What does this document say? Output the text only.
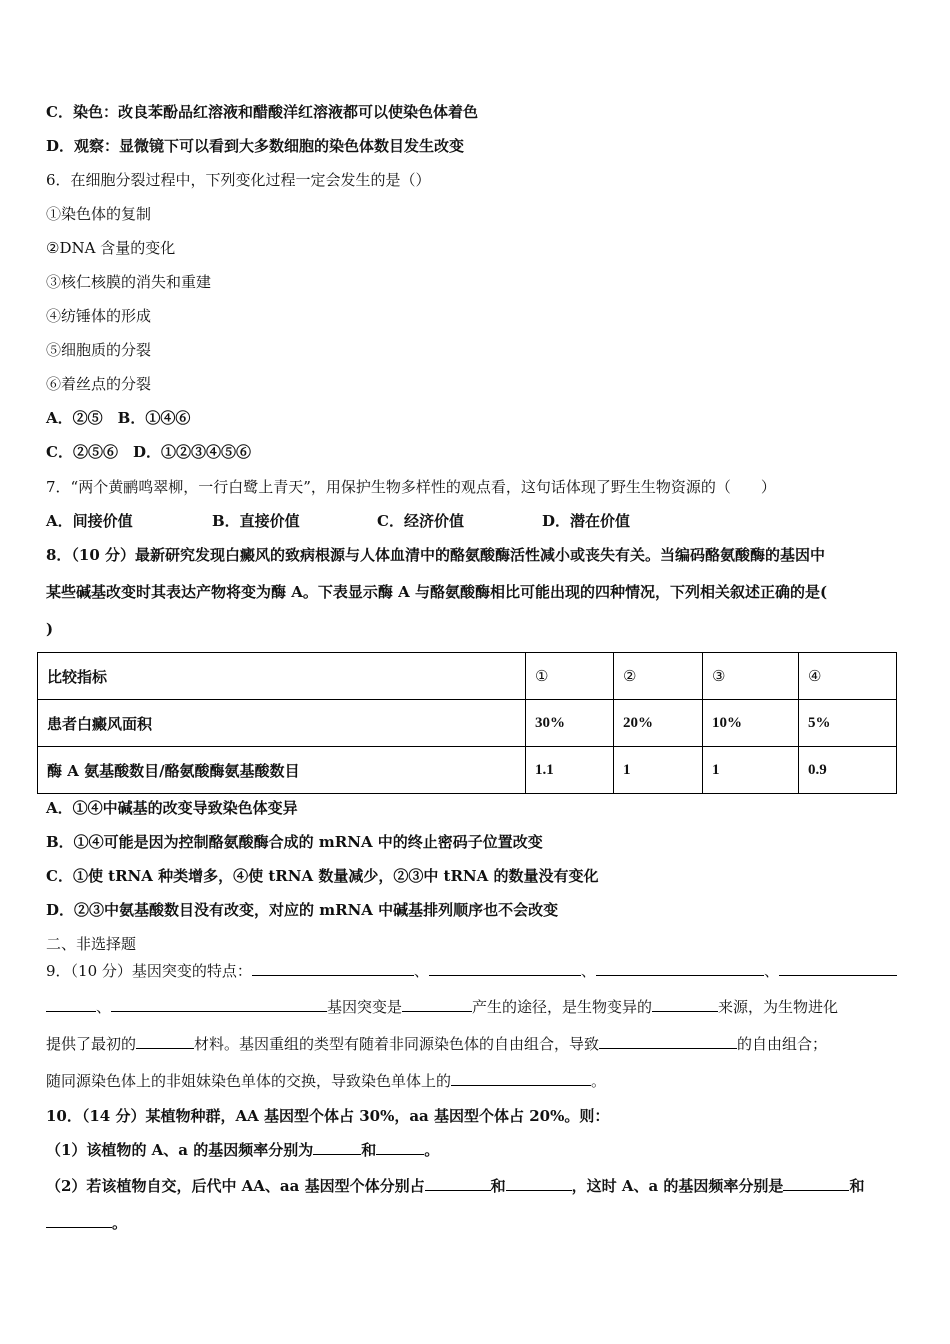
C．染色：改良苯酚品红溶液和醋酸洋红溶液都可以使染色体着色
D．观察：显微镜下可以看到大多数细胞的染色体数目发生改变
6．在细胞分裂过程中，下列变化过程一定会发生的是（）
①染色体的复制
②DNA 含量的变化
③核仁核膜的消失和重建
④纺锤体的形成
⑤细胞质的分裂
⑥着丝点的分裂
A．②⑤　B．①④⑥
C．②⑤⑥　D．①②③④⑤⑥
7．“两个黄鹂鸣翠柳，一行白鹭上青天”，用保护生物多样性的观点看，这句话体现了野生生物资源的（　　）
A．间接价值	B．直接价值	C．经济价值	D．潜在价值
8．（10 分）最新研究发现白癜风的致病根源与人体血清中的酪氨酸酶活性减小或丧失有关。当编码酪氨酸酶的基因中
某些碱基改变时其表达产物将变为酶 A。下表显示酶 A 与酪氨酸酶相比可能出现的四种情况，下列相关叙述正确的是(
)
比较指标	①	②	③	④
患者白癜风面积	30%	20%	10%	5%
酶 A 氨基酸数目/酪氨酸酶氨基酸数目	1.1	1	1	0.9
A．①④中碱基的改变导致染色体变异
B．①④可能是因为控制酪氨酸酶合成的 mRNA 中的终止密码子位置改变
C．①使 tRNA 种类增多，④使 tRNA 数量减少，②③中 tRNA 的数量没有变化
D．②③中氨基酸数目没有改变，对应的 mRNA 中碱基排列顺序也不会改变
二、非选择题
9．（10 分）基因突变的特点：	、	、	、
、	基因突变是	产生的途径，是生物变异的	来源，为生物进化
提供了最初的	材料。基因重组的类型有随着非同源染色体的自由组合，导致	的自由组合；
随同源染色体上的非姐妹染色单体的交换，导致染色单体上的	。
10．（14 分）某植物种群，AA 基因型个体占 30%，aa 基因型个体占 20%。则：
（1）该植物的 A、a 的基因频率分别为	和	。
（2）若该植物自交，后代中 AA、aa 基因型个体分别占	和	，这时 A、a 的基因频率分别是	和
。
